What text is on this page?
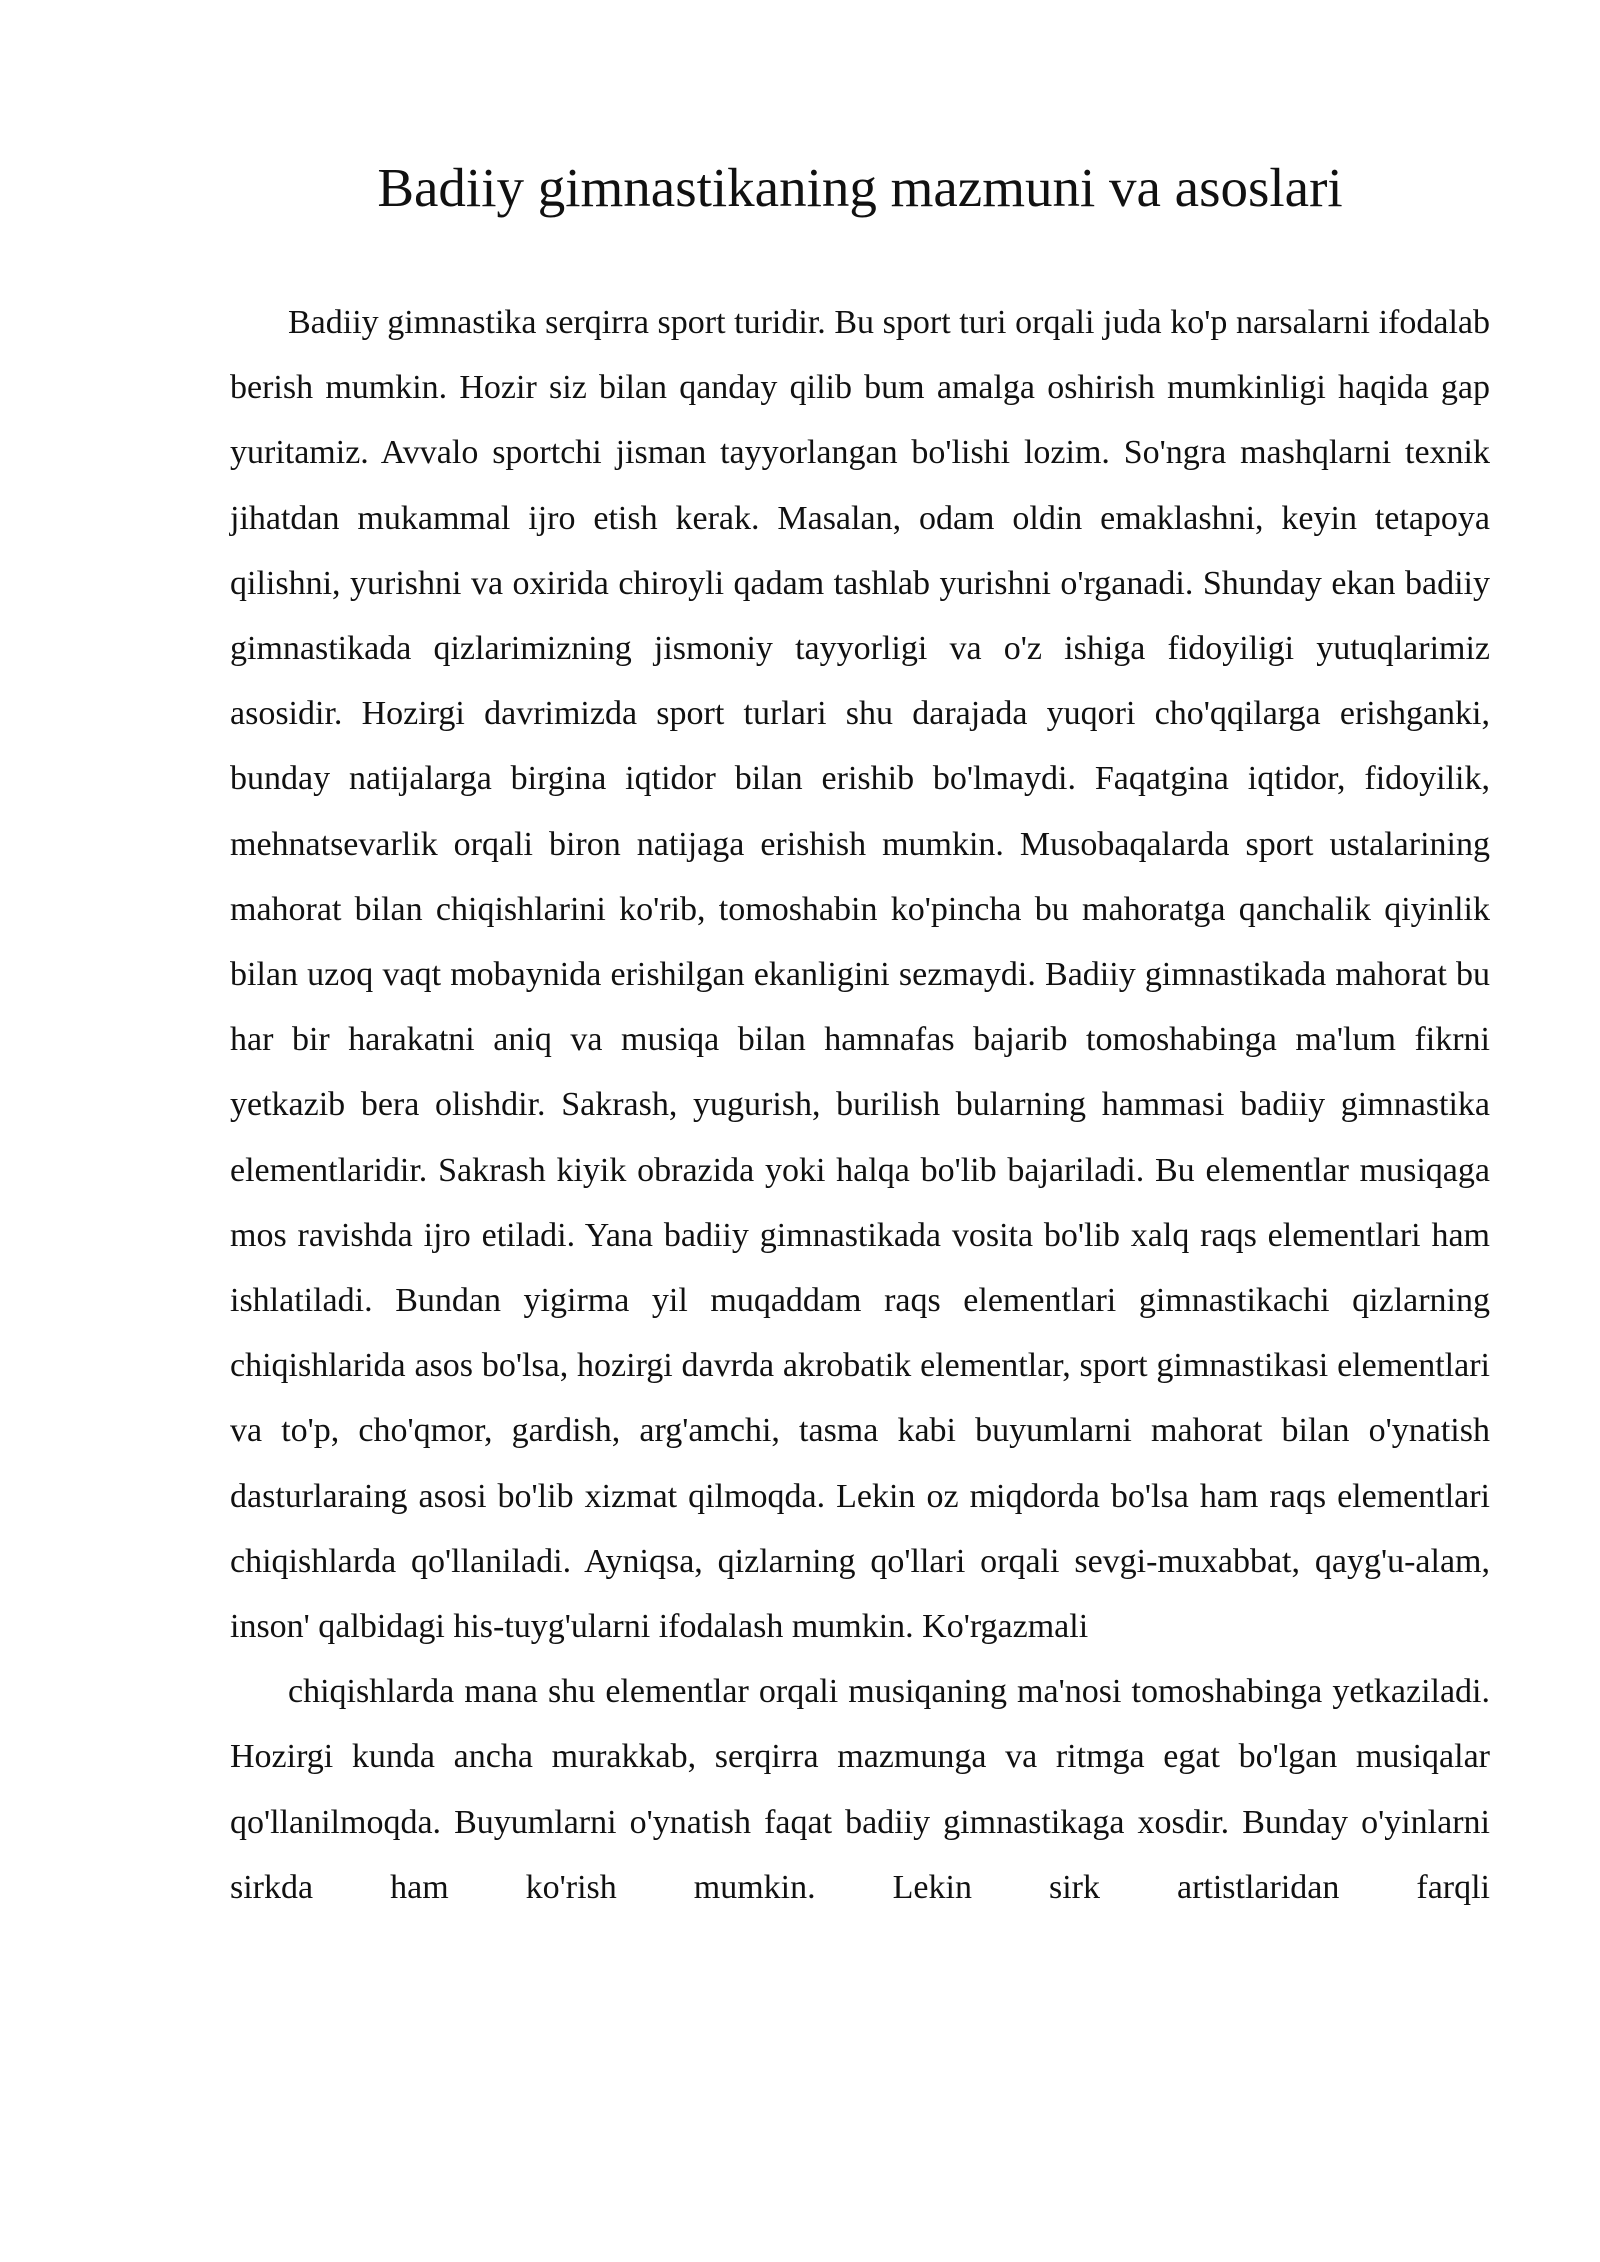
Badiiy gimnastikaning mazmuni va asoslari

Badiiy gimnastika serqirra sport turidir. Bu sport turi orqali juda ko'p narsalarni ifodalab berish mumkin. Hozir siz bilan qanday qilib bum amalga oshirish mumkinligi haqida gap yuritamiz. Avvalo sportchi jisman tayyorlangan bo'lishi lozim. So'ngra mashqlarni texnik jihatdan mukammal ijro etish kerak. Masalan, odam oldin emaklashni, keyin tetapoya qilishni, yurishni va oxirida chiroyli qadam tashlab yurishni o'rganadi. Shunday ekan badiiy gimnastikada qizlarimizning jismoniy tayyorligi va o'z ishiga fidoyiligi yutuqlarimiz asosidir. Hozirgi davrimizda sport turlari shu darajada yuqori cho'qqilarga erishganki, bunday natijalarga birgina iqtidor bilan erishib bo'lmaydi. Faqatgina iqtidor, fidoyilik, mehnatsevarlik orqali biron natijaga erishish mumkin. Musobaqalarda sport ustalarining mahorat bilan chiqishlarini ko'rib, tomoshabin ko'pincha bu mahoratga qanchalik qiyinlik bilan uzoq vaqt mobaynida erishilgan ekanligini sezmaydi. Badiiy gimnastikada mahorat bu har bir harakatni aniq va musiqa bilan hamnafas bajarib tomoshabinga ma'lum fikrni yetkazib bera olishdir. Sakrash, yugurish, burilish bularning hammasi badiiy gimnastika elementlaridir. Sakrash kiyik obrazida yoki halqa bo'lib bajariladi. Bu elementlar musiqaga mos ravishda ijro etiladi. Yana badiiy gimnastikada vosita bo'lib xalq raqs elementlari ham ishlatiladi. Bundan yigirma yil muqaddam raqs elementlari gimnastikachi qizlarning chiqishlarida asos bo'lsa, hozirgi davrda akrobatik elementlar, sport gimnastikasi elementlari va to'p, cho'qmor, gardish, arg'amchi, tasma kabi buyumlarni mahorat bilan o'ynatish dasturlaraing asosi bo'lib xizmat qilmoqda. Lekin oz miqdorda bo'lsa ham raqs elementlari chiqishlarda qo'llaniladi. Ayniqsa, qizlarning qo'llari orqali sevgi-muxabbat, qayg'u-alam, inson' qalbidagi his-tuyg'ularni ifodalash mumkin. Ko'rgazmali

chiqishlarda mana shu elementlar orqali musiqaning ma'nosi tomoshabinga yetkaziladi. Hozirgi kunda ancha murakkab, serqirra mazmunga va ritmga egat bo'lgan musiqalar qo'llanilmoqda. Buyumlarni o'ynatish faqat badiiy gimnastikaga xosdir. Bunday o'yinlarni sirkda ham ko'rish mumkin. Lekin sirk artistlaridan farqli
